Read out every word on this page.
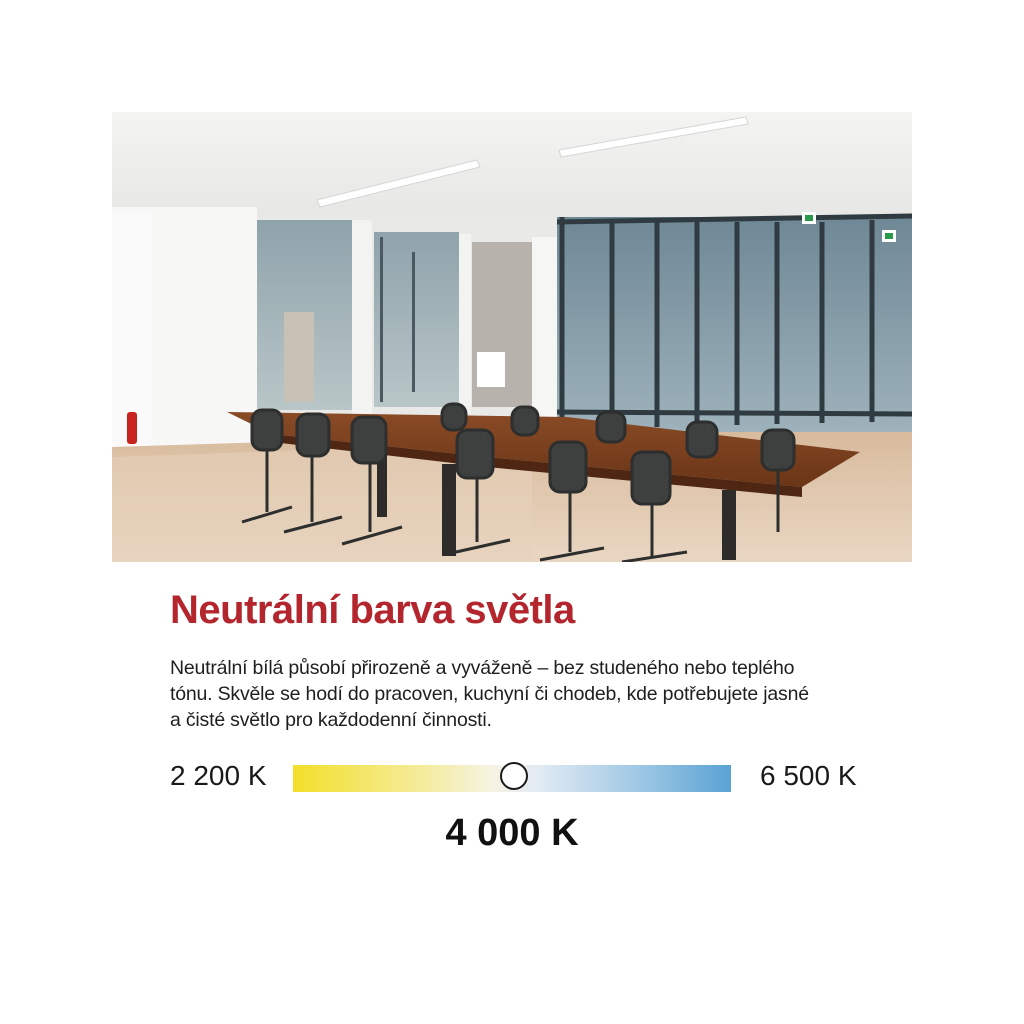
Neutrální barva světla

Neutrální bílá působí přirozeně a vyváženě – bez studeného nebo teplého
tónu. Skvěle se hodí do pracoven, kuchyní či chodeb, kde potřebujete jasné
a čisté světlo pro každodenní činnosti.

2 200 K	6 500 K
4 000 K
